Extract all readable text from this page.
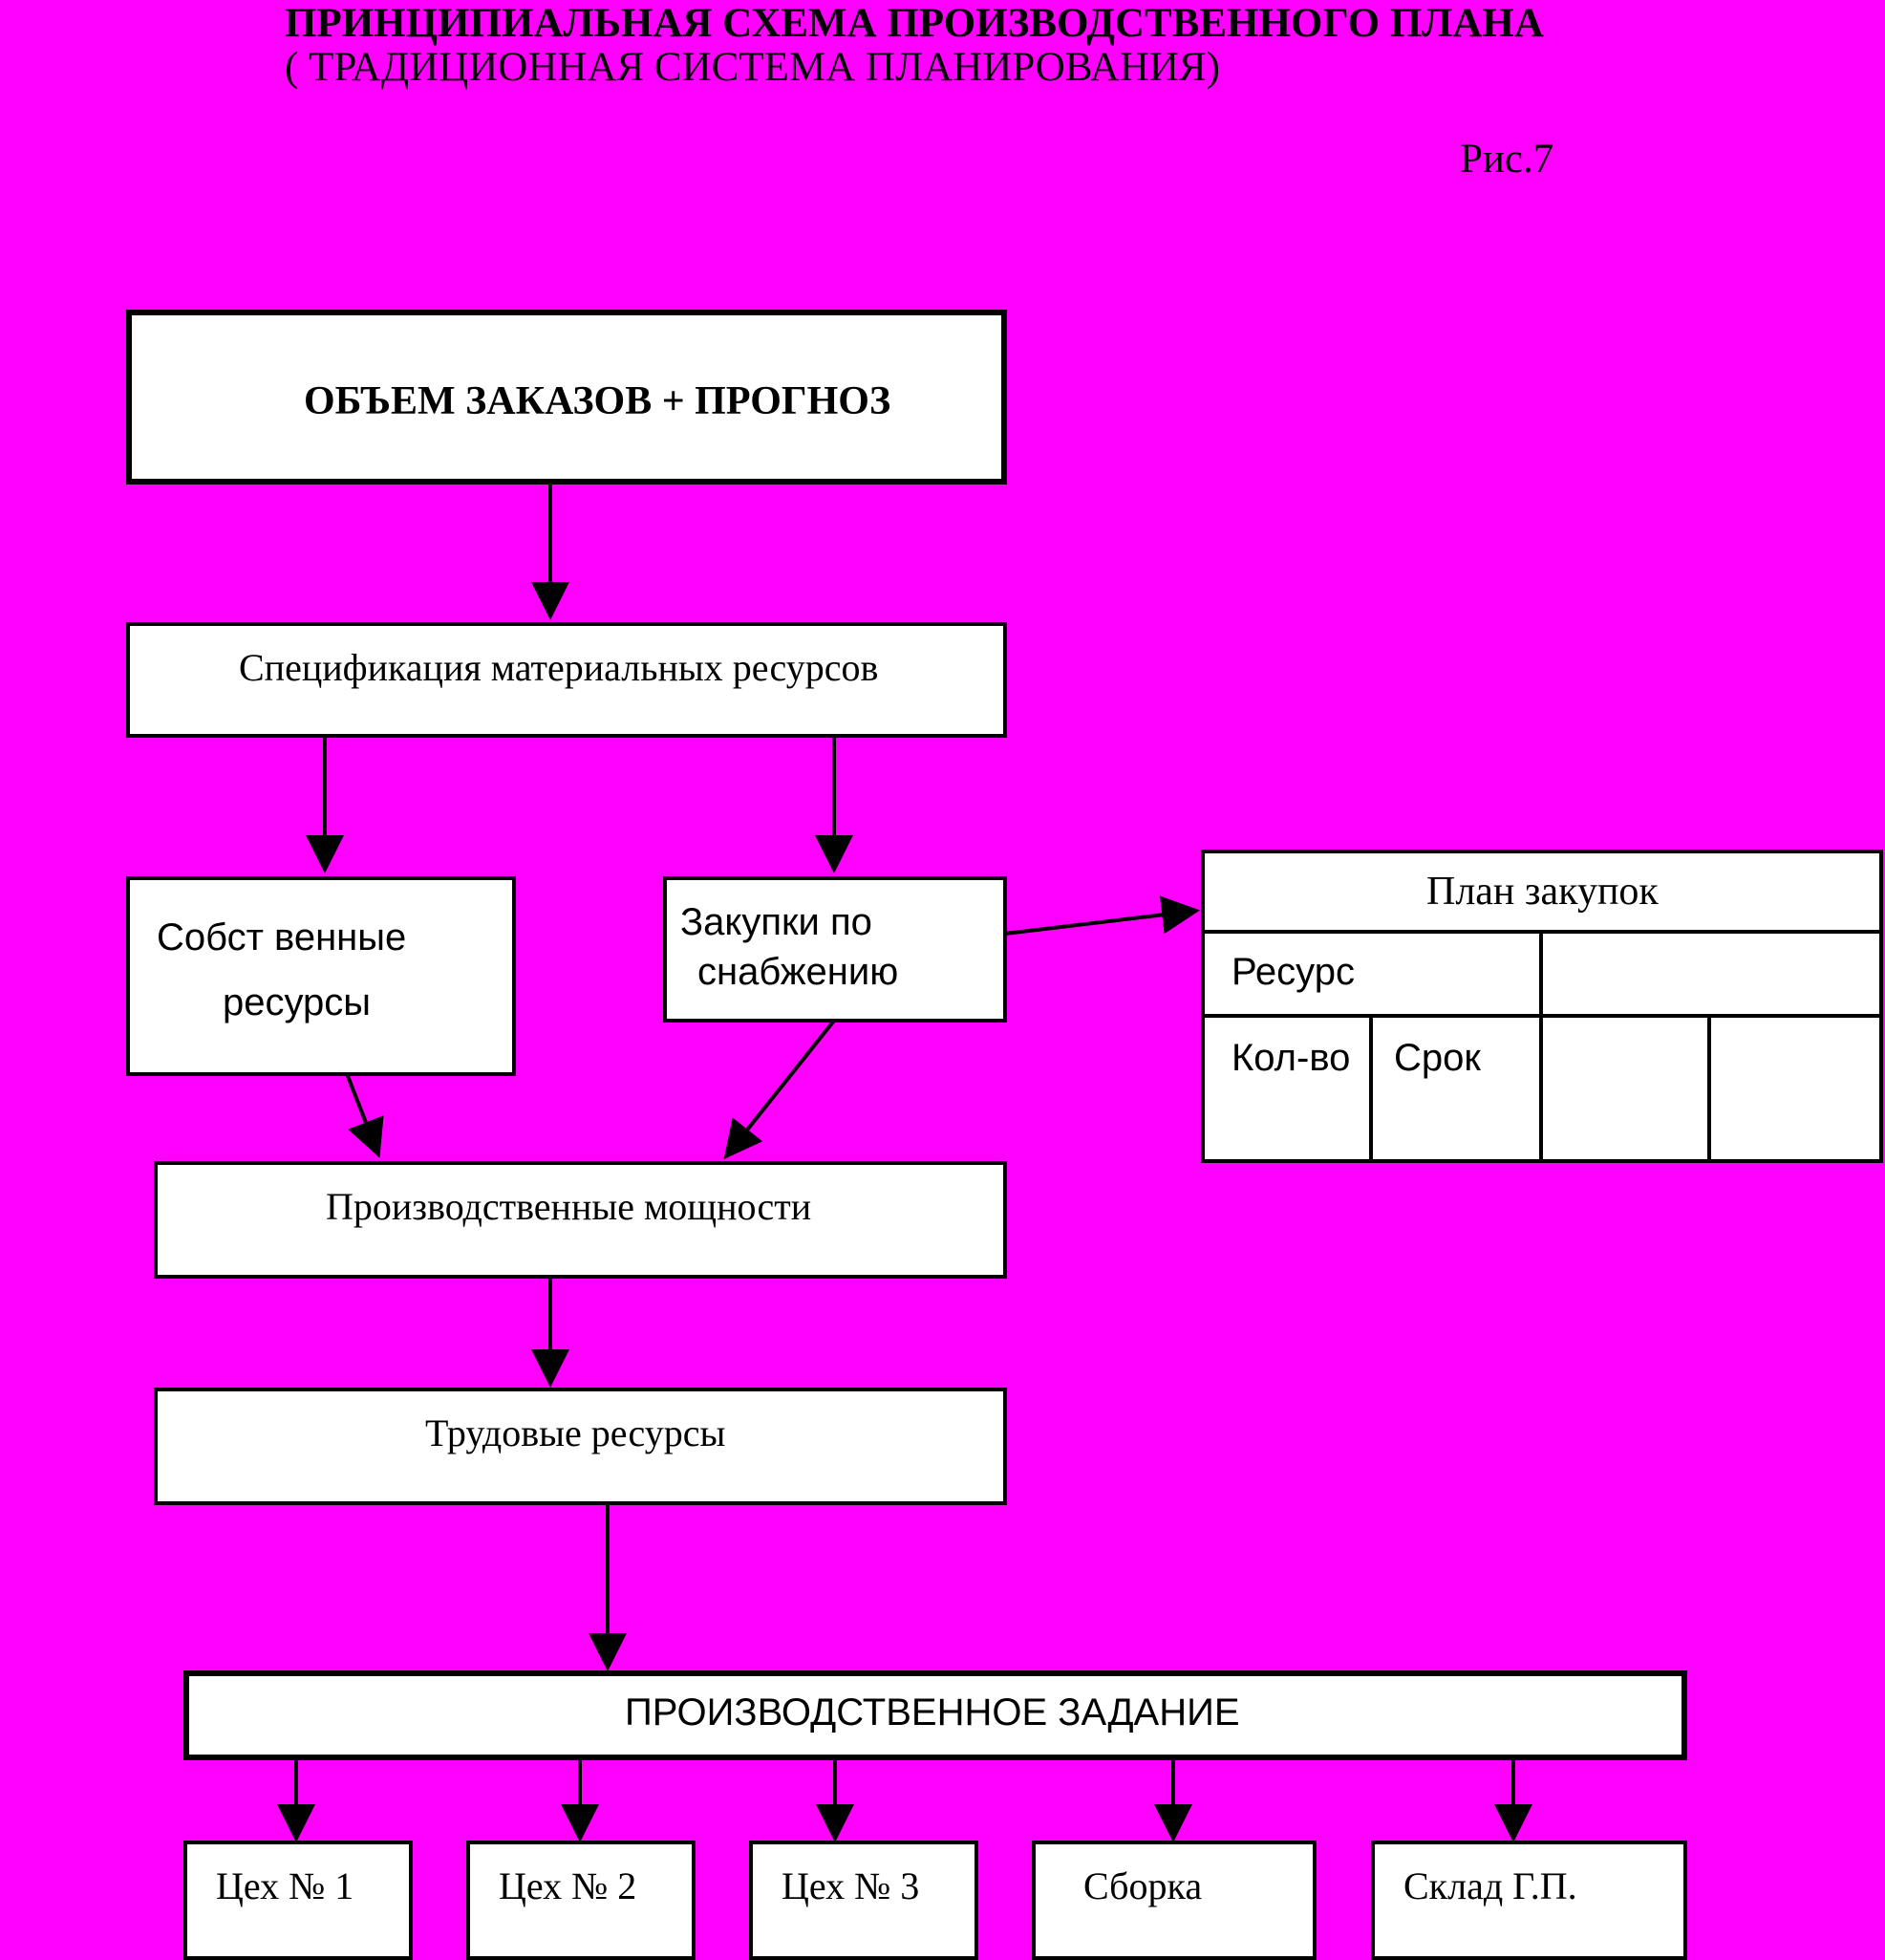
ПРИНЦИПИАЛЬНАЯ СХЕМА ПРОИЗВОДСТВЕННОГО ПЛАНА
( ТРАДИЦИОННАЯ СИСТЕМА ПЛАНИРОВАНИЯ)
Рис.7
ОБЪЕМ ЗАКАЗОВ + ПРОГНОЗ
Спецификация материальных ресурсов
Собст венные
ресурсы
Закупки по
снабжению
План закупок
Ресурс
Кол-во Срок
Производственные мощности
Трудовые ресурсы
ПРОИЗВОДСТВЕННОЕ ЗАДАНИЕ
Цех № 1	Цех № 2	Цех № 3	Сборка	Склад Г.П.
